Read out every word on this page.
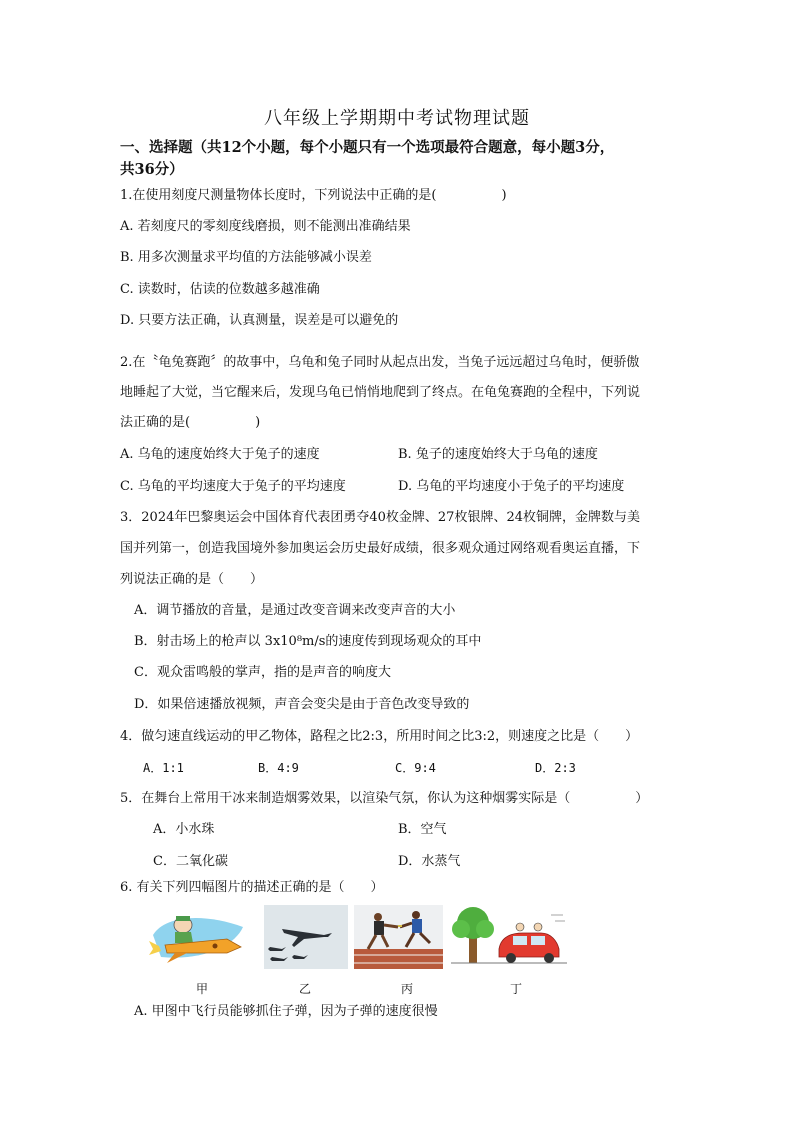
八年级上学期期中考试物理试题
一、选择题（共12个小题，每个小题只有一个选项最符合题意，每小题3分，
共36分）
1.在使用刻度尺测量物体长度时，下列说法中正确的是(　　　　　)
A. 若刻度尺的零刻度线磨损，则不能测出准确结果
B. 用多次测量求平均值的方法能够减小误差
C. 读数时，估读的位数越多越准确
D. 只要方法正确，认真测量，误差是可以避免的
2.在〝龟兔赛跑〞的故事中，乌龟和兔子同时从起点出发，当兔子远远超过乌龟时，便骄傲
地睡起了大觉，当它醒来后，发现乌龟已悄悄地爬到了终点。在龟兔赛跑的全程中，下列说
法正确的是(　　　　　)
A. 乌龟的速度始终大于兔子的速度	B. 兔子的速度始终大于乌龟的速度
C. 乌龟的平均速度大于兔子的平均速度	D. 乌龟的平均速度小于兔子的平均速度
3．2024年巴黎奥运会中国体育代表团勇夺40枚金牌、27枚银牌、24枚铜牌，金牌数与美
国并列第一，创造我国境外参加奥运会历史最好成绩，很多观众通过网络观看奥运直播，下
列说法正确的是（　　）
A．调节播放的音量，是通过改变音调来改变声音的大小
B．射击场上的枪声以 3x10⁸m/s的速度传到现场观众的耳中
C．观众雷鸣般的掌声，指的是声音的响度大
D．如果倍速播放视频，声音会变尖是由于音色改变导致的
4．做匀速直线运动的甲乙物体，路程之比2:3，所用时间之比3:2，则速度之比是（　　）
A．1:1	B．4:9	C．9:4	D．2:3
5．在舞台上常用干冰来制造烟雾效果，以渲染气氛，你认为这种烟雾实际是（　　　　　）
A．小水珠	B．空气
C．二氧化碳	D．水蒸气
6. 有关下列四幅图片的描述正确的是（　　）
甲	乙	丙	丁
A. 甲图中飞行员能够抓住子弹，因为子弹的速度很慢
